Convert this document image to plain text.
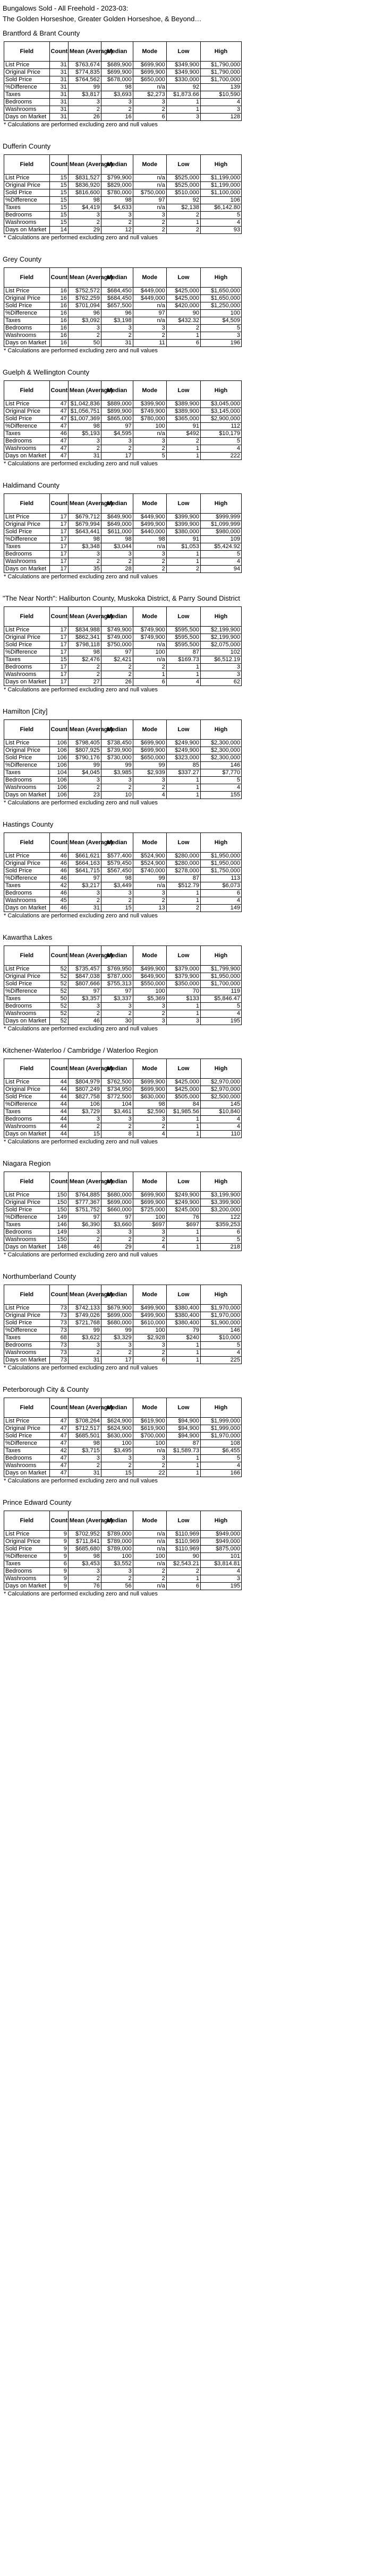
Bungalows Sold - All Freehold - 2023-03:
The Golden Horseshoe, Greater Golden Horseshoe, & Beyond…
Brantford & Brant County
Field	Count	Mean (Average)	Median	Mode	Low	High
List Price	31	$763,674	$689,900	$699,900	$349,900	$1,790,000
Original Price	31	$774,835	$699,900	$699,900	$349,900	$1,790,000
Sold Price	31	$764,562	$678,000	$650,000	$330,000	$1,700,000
%Difference	31	99	98	n/a	92	139
Taxes	31	$3,817	$3,693	$2,273	$1,873.66	$10,590
Bedrooms	31	3	3	3	1	4
Washrooms	31	2	2	2	1	3
Days on Market	31	26	16	6	3	128
* Calculations are performed excluding zero and null values
Dufferin County
Field	Count	Mean (Average)	Median	Mode	Low	High
List Price	15	$831,527	$799,900	n/a	$525,000	$1,199,000
Original Price	15	$836,920	$829,000	n/a	$525,000	$1,199,000
Sold Price	15	$816,600	$780,000	$750,000	$510,000	$1,100,000
%Difference	15	98	98	97	92	106
Taxes	15	$4,419	$4,633	n/a	$2,138	$6,142.80
Bedrooms	15	3	3	3	2	5
Washrooms	15	2	2	2	1	4
Days on Market	14	29	12	2	2	93
* Calculations are performed excluding zero and null values
Grey County
Field	Count	Mean (Average)	Median	Mode	Low	High
List Price	16	$752,572	$684,450	$449,000	$425,000	$1,650,000
Original Price	16	$762,259	$684,450	$449,000	$425,000	$1,650,000
Sold Price	16	$701,094	$657,500	n/a	$420,000	$1,250,000
%Difference	16	96	96	97	90	100
Taxes	16	$3,092	$3,198	n/a	$432.32	$4,509
Bedrooms	16	3	3	3	2	5
Washrooms	16	2	2	2	1	3
Days on Market	16	50	31	11	6	196
* Calculations are performed excluding zero and null values
Guelph & Wellington County
Field	Count	Mean (Average)	Median	Mode	Low	High
List Price	47	$1,042,836	$889,000	$399,900	$389,900	$3,045,000
Original Price	47	$1,056,751	$899,900	$749,900	$389,900	$3,145,000
Sold Price	47	$1,007,369	$865,000	$780,000	$365,000	$2,900,000
%Difference	47	98	97	100	91	112
Taxes	46	$5,193	$4,595	n/a	$492	$10,179
Bedrooms	47	3	3	3	2	5
Washrooms	47	2	2	2	1	4
Days on Market	47	31	17	5	1	222
* Calculations are performed excluding zero and null values
Haldimand County
Field	Count	Mean (Average)	Median	Mode	Low	High
List Price	17	$679,712	$649,900	$449,900	$399,900	$999,999
Original Price	17	$679,994	$649,000	$499,900	$399,900	$1,099,999
Sold Price	17	$643,441	$611,000	$440,000	$380,000	$980,000
%Difference	17	98	98	98	91	109
Taxes	17	$3,348	$3,044	n/a	$1,053	$5,424.92
Bedrooms	17	3	3	3	1	5
Washrooms	17	2	2	2	1	4
Days on Market	17	35	28	2	2	94
* Calculations are performed excluding zero and null values
"The Near North": Haliburton County, Muskoka District, & Parry Sound District
Field	Count	Mean (Average)	Median	Mode	Low	High
List Price	17	$834,988	$749,900	$749,900	$595,500	$2,199,900
Original Price	17	$862,341	$749,000	$749,900	$595,500	$2,199,900
Sold Price	17	$798,118	$750,000	n/a	$595,500	$2,075,000
%Difference	17	98	97	100	87	102
Taxes	15	$2,476	$2,421	n/a	$169.73	$6,512.19
Bedrooms	17	2	2	2	1	3
Washrooms	17	2	2	1	1	3
Days on Market	17	27	26	6	4	62
* Calculations are performed excluding zero and null values
Hamilton [City]
Field	Count	Mean (Average)	Median	Mode	Low	High
List Price	106	$798,405	$738,450	$699,900	$249,900	$2,300,000
Original Price	106	$807,925	$739,900	$699,900	$249,900	$2,300,000
Sold Price	106	$790,176	$730,000	$650,000	$323,000	$2,300,000
%Difference	106	99	99	99	85	146
Taxes	104	$4,045	$3,985	$2,939	$337.27	$7,770
Bedrooms	106	3	3	3	1	5
Washrooms	106	2	2	2	1	4
Days on Market	106	23	10	4	1	155
* Calculations are performed excluding zero and null values
Hastings County
Field	Count	Mean (Average)	Median	Mode	Low	High
List Price	46	$661,621	$577,400	$524,900	$280,000	$1,950,000
Original Price	46	$664,163	$579,450	$524,900	$280,000	$1,950,000
Sold Price	46	$641,715	$567,450	$740,000	$278,000	$1,750,000
%Difference	46	97	98	99	87	113
Taxes	42	$3,217	$3,449	n/a	$512.79	$6,073
Bedrooms	46	3	3	3	1	6
Washrooms	45	2	2	2	1	4
Days on Market	46	31	15	13	2	149
* Calculations are performed excluding zero and null values
Kawartha Lakes
Field	Count	Mean (Average)	Median	Mode	Low	High
List Price	52	$735,457	$769,950	$499,900	$379,000	$1,799,900
Original Price	52	$847,038	$787,000	$649,900	$379,900	$1,950,000
Sold Price	52	$807,666	$755,313	$550,000	$350,000	$1,700,000
%Difference	52	97	97	100	70	119
Taxes	50	$3,357	$3,337	$5,369	$133	$5,846.47
Bedrooms	52	3	3	3	1	5
Washrooms	52	2	2	2	1	4
Days on Market	52	46	30	3	3	195
* Calculations are performed excluding zero and null values
Kitchener-Waterloo / Cambridge / Waterloo Region
Field	Count	Mean (Average)	Median	Mode	Low	High
List Price	44	$804,979	$762,500	$699,900	$425,000	$2,970,000
Original Price	44	$807,249	$734,950	$699,900	$425,000	$2,970,000
Sold Price	44	$827,758	$772,500	$630,000	$505,000	$2,500,000
%Difference	44	106	104	98	84	145
Taxes	44	$3,729	$3,461	$2,590	$1,985.56	$10,840
Bedrooms	44	3	3	3	1	4
Washrooms	44	2	2	2	1	4
Days on Market	44	15	8	4	1	110
* Calculations are performed excluding zero and null values
Niagara Region
Field	Count	Mean (Average)	Median	Mode	Low	High
List Price	150	$764,885	$680,000	$699,900	$249,900	$3,199,900
Original Price	150	$777,367	$699,000	$699,900	$249,900	$3,399,900
Sold Price	150	$751,752	$660,000	$725,000	$245,000	$3,200,000
%Difference	149	97	97	100	76	122
Taxes	146	$6,390	$3,660	$697	$697	$359,253
Bedrooms	149	3	3	3	1	6
Washrooms	150	2	2	2	1	5
Days on Market	148	46	29	4	1	218
* Calculations are performed excluding zero and null values
Northumberland County
Field	Count	Mean (Average)	Median	Mode	Low	High
List Price	73	$742,133	$679,900	$499,900	$380,400	$1,970,000
Original Price	73	$749,026	$699,000	$499,900	$380,400	$1,970,000
Sold Price	73	$721,768	$680,000	$610,000	$380,400	$1,900,000
%Difference	73	99	99	100	79	146
Taxes	68	$3,622	$3,329	$2,928	$240	$10,000
Bedrooms	73	3	3	3	1	5
Washrooms	73	2	2	2	1	4
Days on Market	73	31	17	6	1	225
* Calculations are performed excluding zero and null values
Peterborough City & County
Field	Count	Mean (Average)	Median	Mode	Low	High
List Price	47	$708,264	$624,900	$619,900	$94,900	$1,999,000
Original Price	47	$712,517	$624,900	$619,900	$94,900	$1,999,000
Sold Price	47	$685,501	$630,000	$700,000	$94,900	$1,970,000
%Difference	47	98	100	100	87	108
Taxes	42	$3,715	$3,495	n/a	$1,589.73	$6,455
Bedrooms	47	3	3	3	1	5
Washrooms	47	2	2	2	1	4
Days on Market	47	31	15	22	1	166
* Calculations are performed excluding zero and null values
Prince Edward County
Field	Count	Mean (Average)	Median	Mode	Low	High
List Price	9	$702,952	$789,000	n/a	$110,969	$949,000
Original Price	9	$711,841	$789,000	n/a	$110,969	$949,000
Sold Price	9	$685,680	$789,000	n/a	$110,969	$875,000
%Difference	9	98	100	100	90	101
Taxes	6	$3,453	$3,552	n/a	$2,543.21	$3,814.81
Bedrooms	9	3	3	2	2	4
Washrooms	9	2	2	2	1	3
Days on Market	9	76	56	n/a	6	195
* Calculations are performed excluding zero and null values
